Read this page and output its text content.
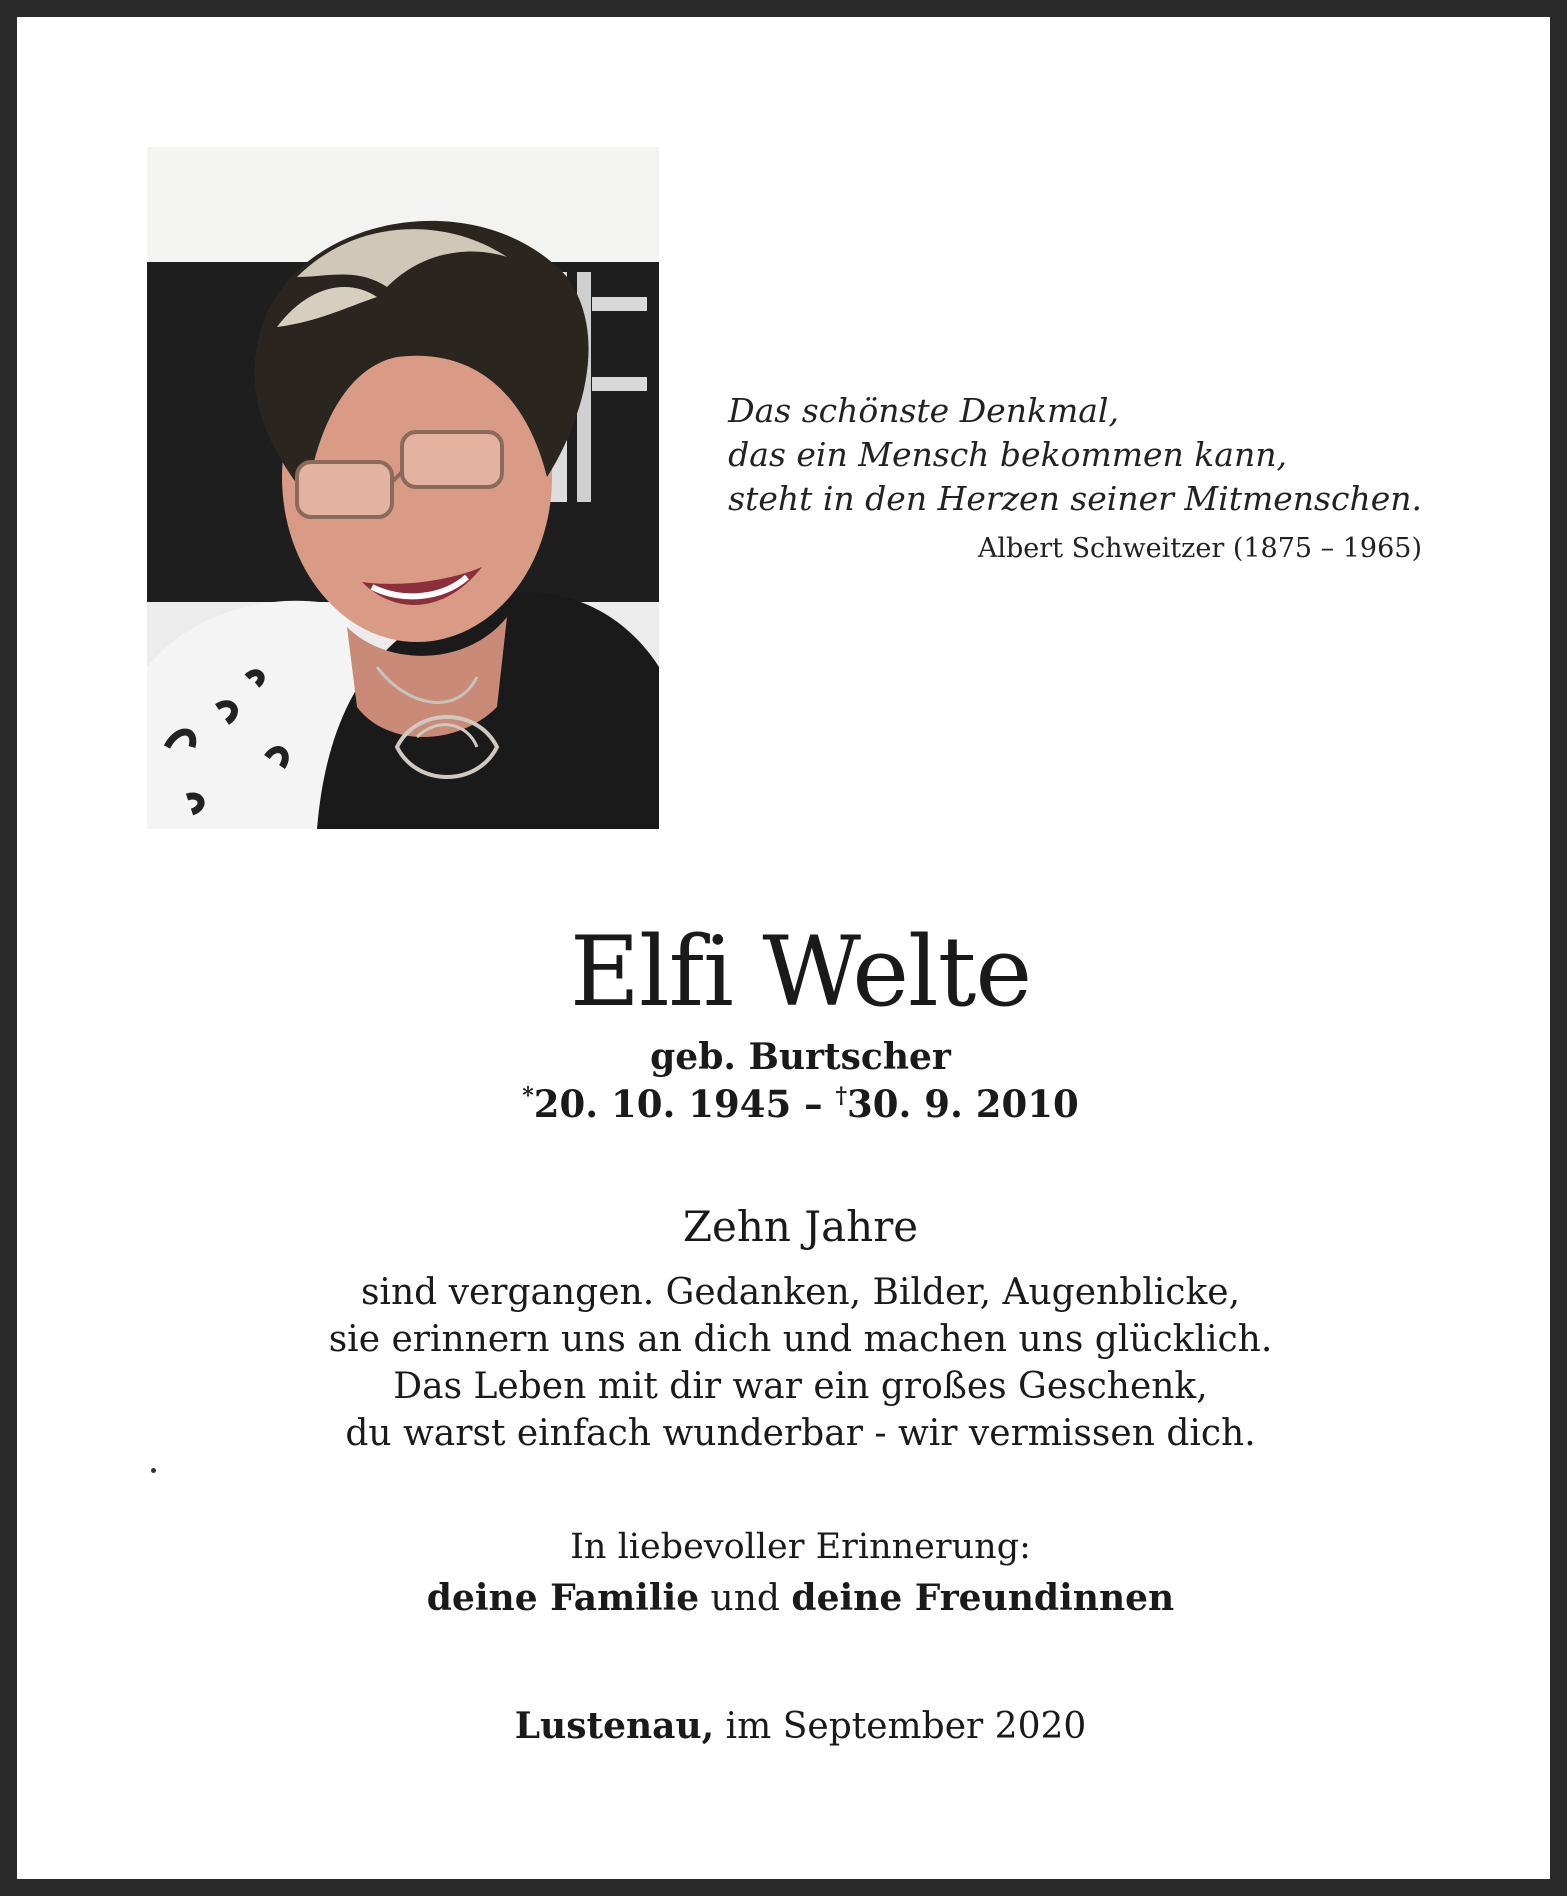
Das schönste Denkmal,
das ein Mensch bekommen kann,
steht in den Herzen seiner Mitmenschen.
Albert Schweitzer (1875 – 1965)
Elfi Welte
geb. Burtscher
*20. 10. 1945 – †30. 9. 2010
Zehn Jahre
sind vergangen. Gedanken, Bilder, Augenblicke,
sie erinnern uns an dich und machen uns glücklich.
Das Leben mit dir war ein großes Geschenk,
du warst einfach wunderbar - wir vermissen dich.
In liebevoller Erinnerung:
deine Familie und deine Freundinnen
Lustenau, im September 2020
